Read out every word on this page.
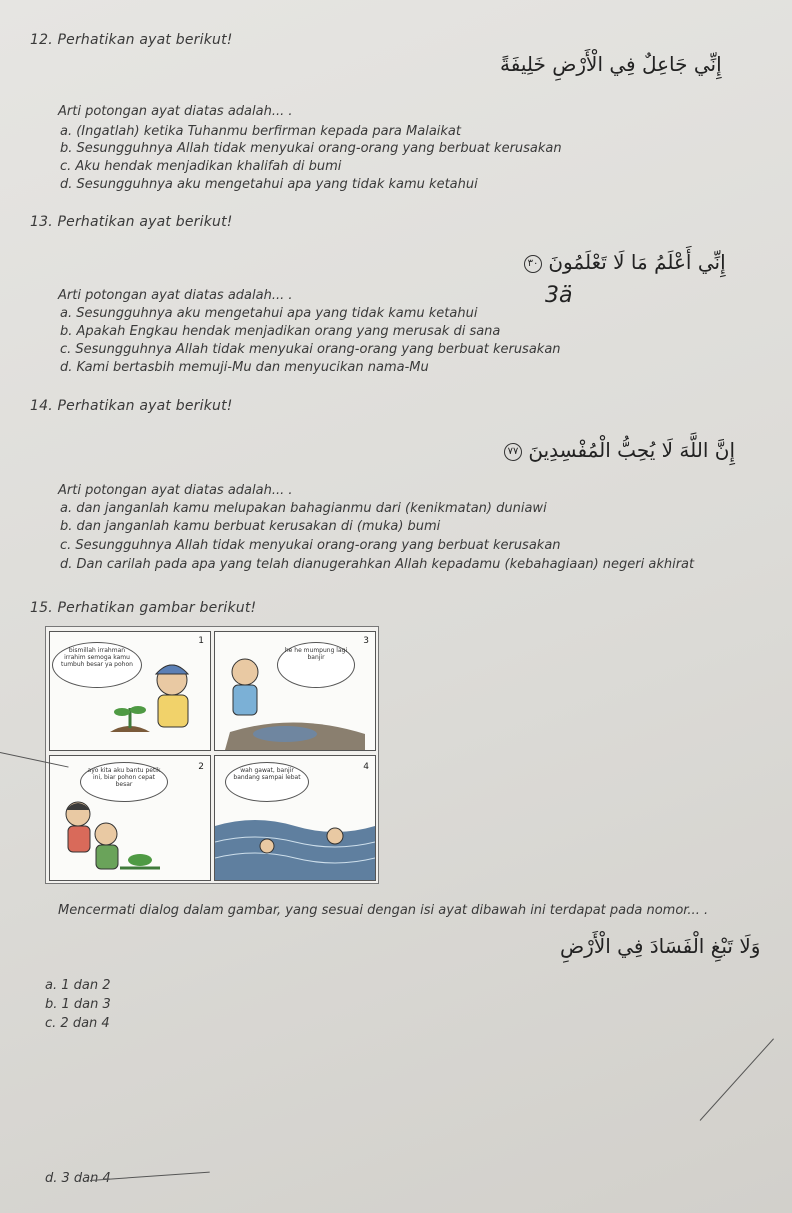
12. Perhatikan ayat berikut!
إِنِّي جَاعِلٌ فِي الْأَرْضِ خَلِيفَةً
Arti potongan ayat diatas adalah... .
a. (Ingatlah) ketika Tuhanmu berfirman kepada para Malaikat
b. Sesungguhnya Allah tidak menyukai orang-orang yang berbuat kerusakan
c. Aku hendak menjadikan khalifah di bumi
d. Sesungguhnya aku mengetahui apa yang tidak kamu ketahui
13. Perhatikan ayat berikut!
إِنِّي أَعْلَمُ مَا لَا تَعْلَمُونَ ٣٠
3ä
Arti potongan ayat diatas adalah... .
a. Sesungguhnya aku mengetahui apa yang tidak kamu ketahui
b. Apakah Engkau hendak menjadikan orang yang merusak di sana
c. Sesungguhnya Allah tidak menyukai orang-orang yang berbuat kerusakan
d. Kami bertasbih memuji-Mu dan menyucikan nama-Mu
14. Perhatikan ayat berikut!
إِنَّ اللَّهَ لَا يُحِبُّ الْمُفْسِدِينَ ٧٧
Arti potongan ayat diatas adalah... .
a. dan janganlah kamu melupakan bahagianmu dari (kenikmatan) duniawi
b. dan janganlah kamu berbuat kerusakan di (muka) bumi
c. Sesungguhnya Allah tidak menyukai orang-orang yang berbuat kerusakan
d. Dan carilah pada apa yang telah dianugerahkan Allah kepadamu (kebahagiaan) negeri akhirat
15. Perhatikan gambar berikut!
1
bismillah irrahman irrahim semoga kamu tumbuh besar ya pohon
3
he he mumpung lagi banjir
2
ayo kita aku bantu petik ini, biar pohon cepat besar
4
wah gawat, banjir bandang sampai lebat
Mencermati dialog dalam gambar, yang sesuai dengan isi ayat dibawah ini terdapat pada nomor... .
وَلَا تَبْغِ الْفَسَادَ فِي الْأَرْضِ
a. 1 dan 2
b. 1 dan 3
c. 2 dan 4
d. 3 dan 4
